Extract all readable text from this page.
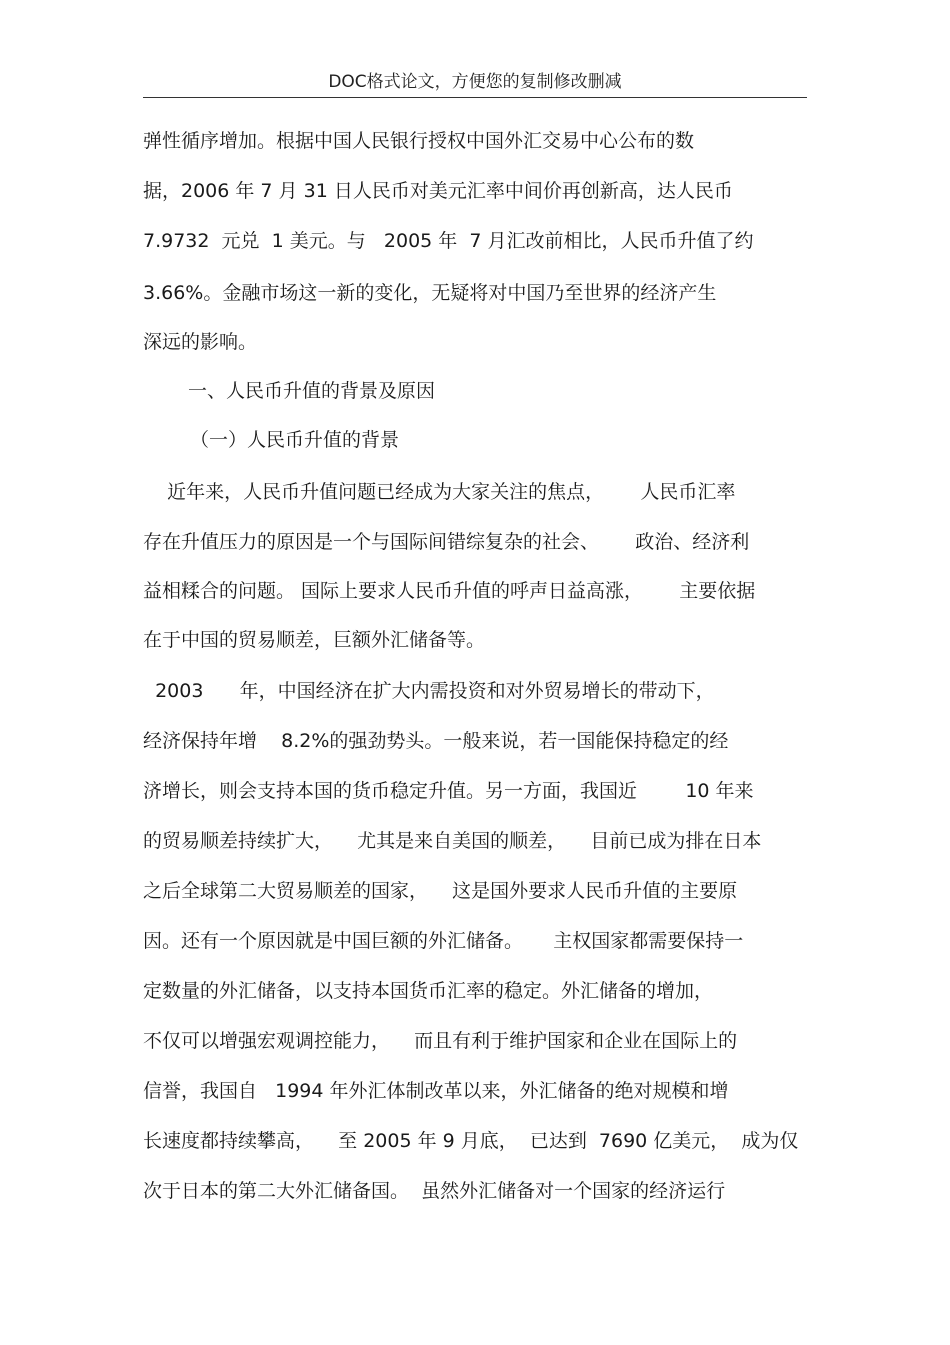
DOC格式论文，方便您的复制修改删减
弹性循序增加。根据中国人民银行授权中国外汇交易中心公布的数
据，2006 年 7 月 31 日人民币对美元汇率中间价再创新高，达人民币
7.9732  元兑  1 美元。与   2005 年  7 月汇改前相比，人民币升值了约
3.66%。金融市场这一新的变化，无疑将对中国乃至世界的经济产生
深远的影响。
一、人民币升值的背景及原因
（一）人民币升值的背景
近年来，人民币升值问题已经成为大家关注的焦点，      人民币汇率
存在升值压力的原因是一个与国际间错综复杂的社会、      政治、经济利
益相糅合的问题。 国际上要求人民币升值的呼声日益高涨，      主要依据
在于中国的贸易顺差，巨额外汇储备等。
2003      年，中国经济在扩大内需投资和对外贸易增长的带动下，
经济保持年增    8.2%的强劲势头。一般来说，若一国能保持稳定的经
济增长，则会支持本国的货币稳定升值。另一方面，我国近        10 年来
的贸易顺差持续扩大，    尤其是来自美国的顺差，    目前已成为排在日本
之后全球第二大贸易顺差的国家，    这是国外要求人民币升值的主要原
因。还有一个原因就是中国巨额的外汇储备。     主权国家都需要保持一
定数量的外汇储备，以支持本国货币汇率的稳定。外汇储备的增加，
不仅可以增强宏观调控能力，    而且有利于维护国家和企业在国际上的
信誉，我国自   1994 年外汇体制改革以来，外汇储备的绝对规模和增
长速度都持续攀高，    至 2005 年 9 月底，  已达到  7690 亿美元，  成为仅
次于日本的第二大外汇储备国。  虽然外汇储备对一个国家的经济运行
